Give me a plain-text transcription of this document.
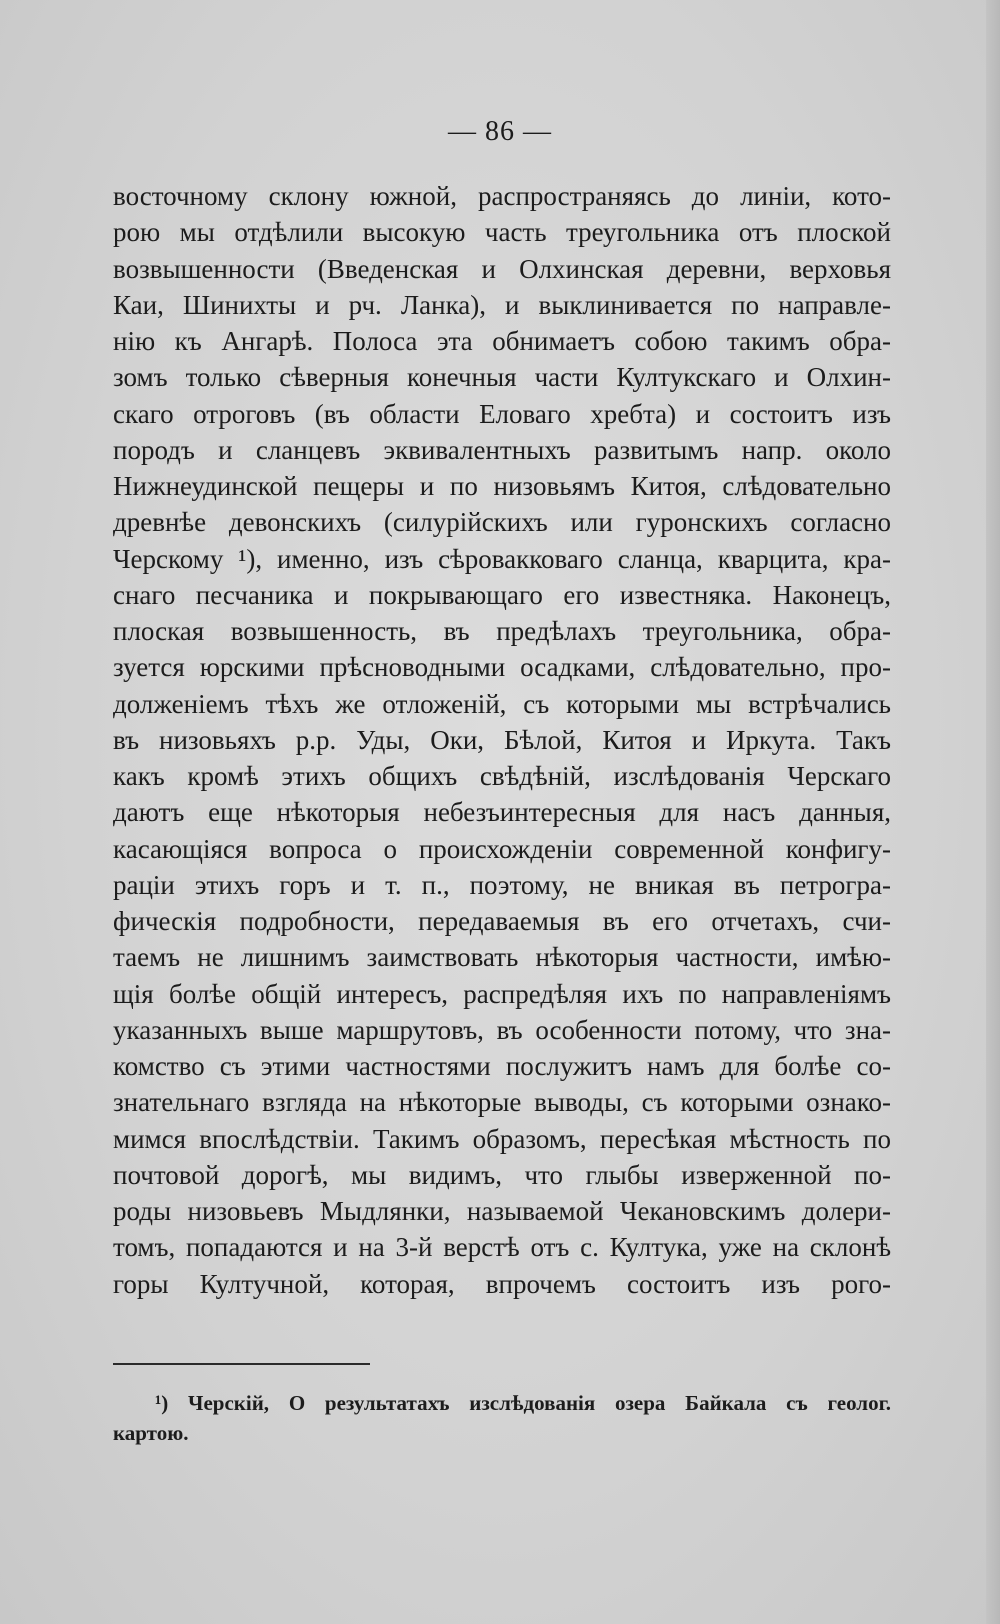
— 86 —
восточному склону южной, распространяясь до линіи, кото-
рою мы отдѣлили высокую часть треугольника отъ плоской
возвышенности (Введенская и Олхинская деревни, верховья
Каи, Шинихты и рч. Ланка), и выклинивается по направле-
нію къ Ангарѣ. Полоса эта обнимаетъ собою такимъ обра-
зомъ только сѣверныя конечныя части Култукскаго и Олхин-
скаго отроговъ (въ области Еловаго хребта) и состоитъ изъ
породъ и сланцевъ эквивалентныхъ развитымъ напр. около
Нижнеудинской пещеры и по низовьямъ Китоя, слѣдовательно
древнѣе девонскихъ (силурійскихъ или гуронскихъ согласно
Черскому ¹), именно, изъ сѣровакковаго сланца, кварцита, кра-
снаго песчаника и покрывающаго его известняка. Наконецъ,
плоская возвышенность, въ предѣлахъ треугольника, обра-
зуется юрскими прѣсноводными осадками, слѣдовательно, про-
долженіемъ тѣхъ же отложеній, съ которыми мы встрѣчались
въ низовьяхъ р.р. Уды, Оки, Бѣлой, Китоя и Иркута. Такъ
какъ кромѣ этихъ общихъ свѣдѣній, изслѣдованія Черскаго
даютъ еще нѣкоторыя небезъинтересныя для насъ данныя,
касающіяся вопроса о происхожденіи современной конфигу-
раціи этихъ горъ и т. п., поэтому, не вникая въ петрогра-
фическія подробности, передаваемыя въ его отчетахъ, счи-
таемъ не лишнимъ заимствовать нѣкоторыя частности, имѣю-
щія болѣе общій интересъ, распредѣляя ихъ по направленіямъ
указанныхъ выше маршрутовъ, въ особенности потому, что зна-
комство съ этими частностями послужитъ намъ для болѣе со-
знательнаго взгляда на нѣкоторые выводы, съ которыми ознако-
мимся впослѣдствіи. Такимъ образомъ, пересѣкая мѣстность по
почтовой дорогѣ, мы видимъ, что глыбы изверженной по-
роды низовьевъ Мыдлянки, называемой Чекановскимъ долери-
томъ, попадаются и на 3-й верстѣ отъ с. Култука, уже на склонѣ
горы Култучной, которая, впрочемъ состоитъ изъ рого-
¹) Черскій, О результатахъ изслѣдованія озера Байкала съ геолог.
картою.
